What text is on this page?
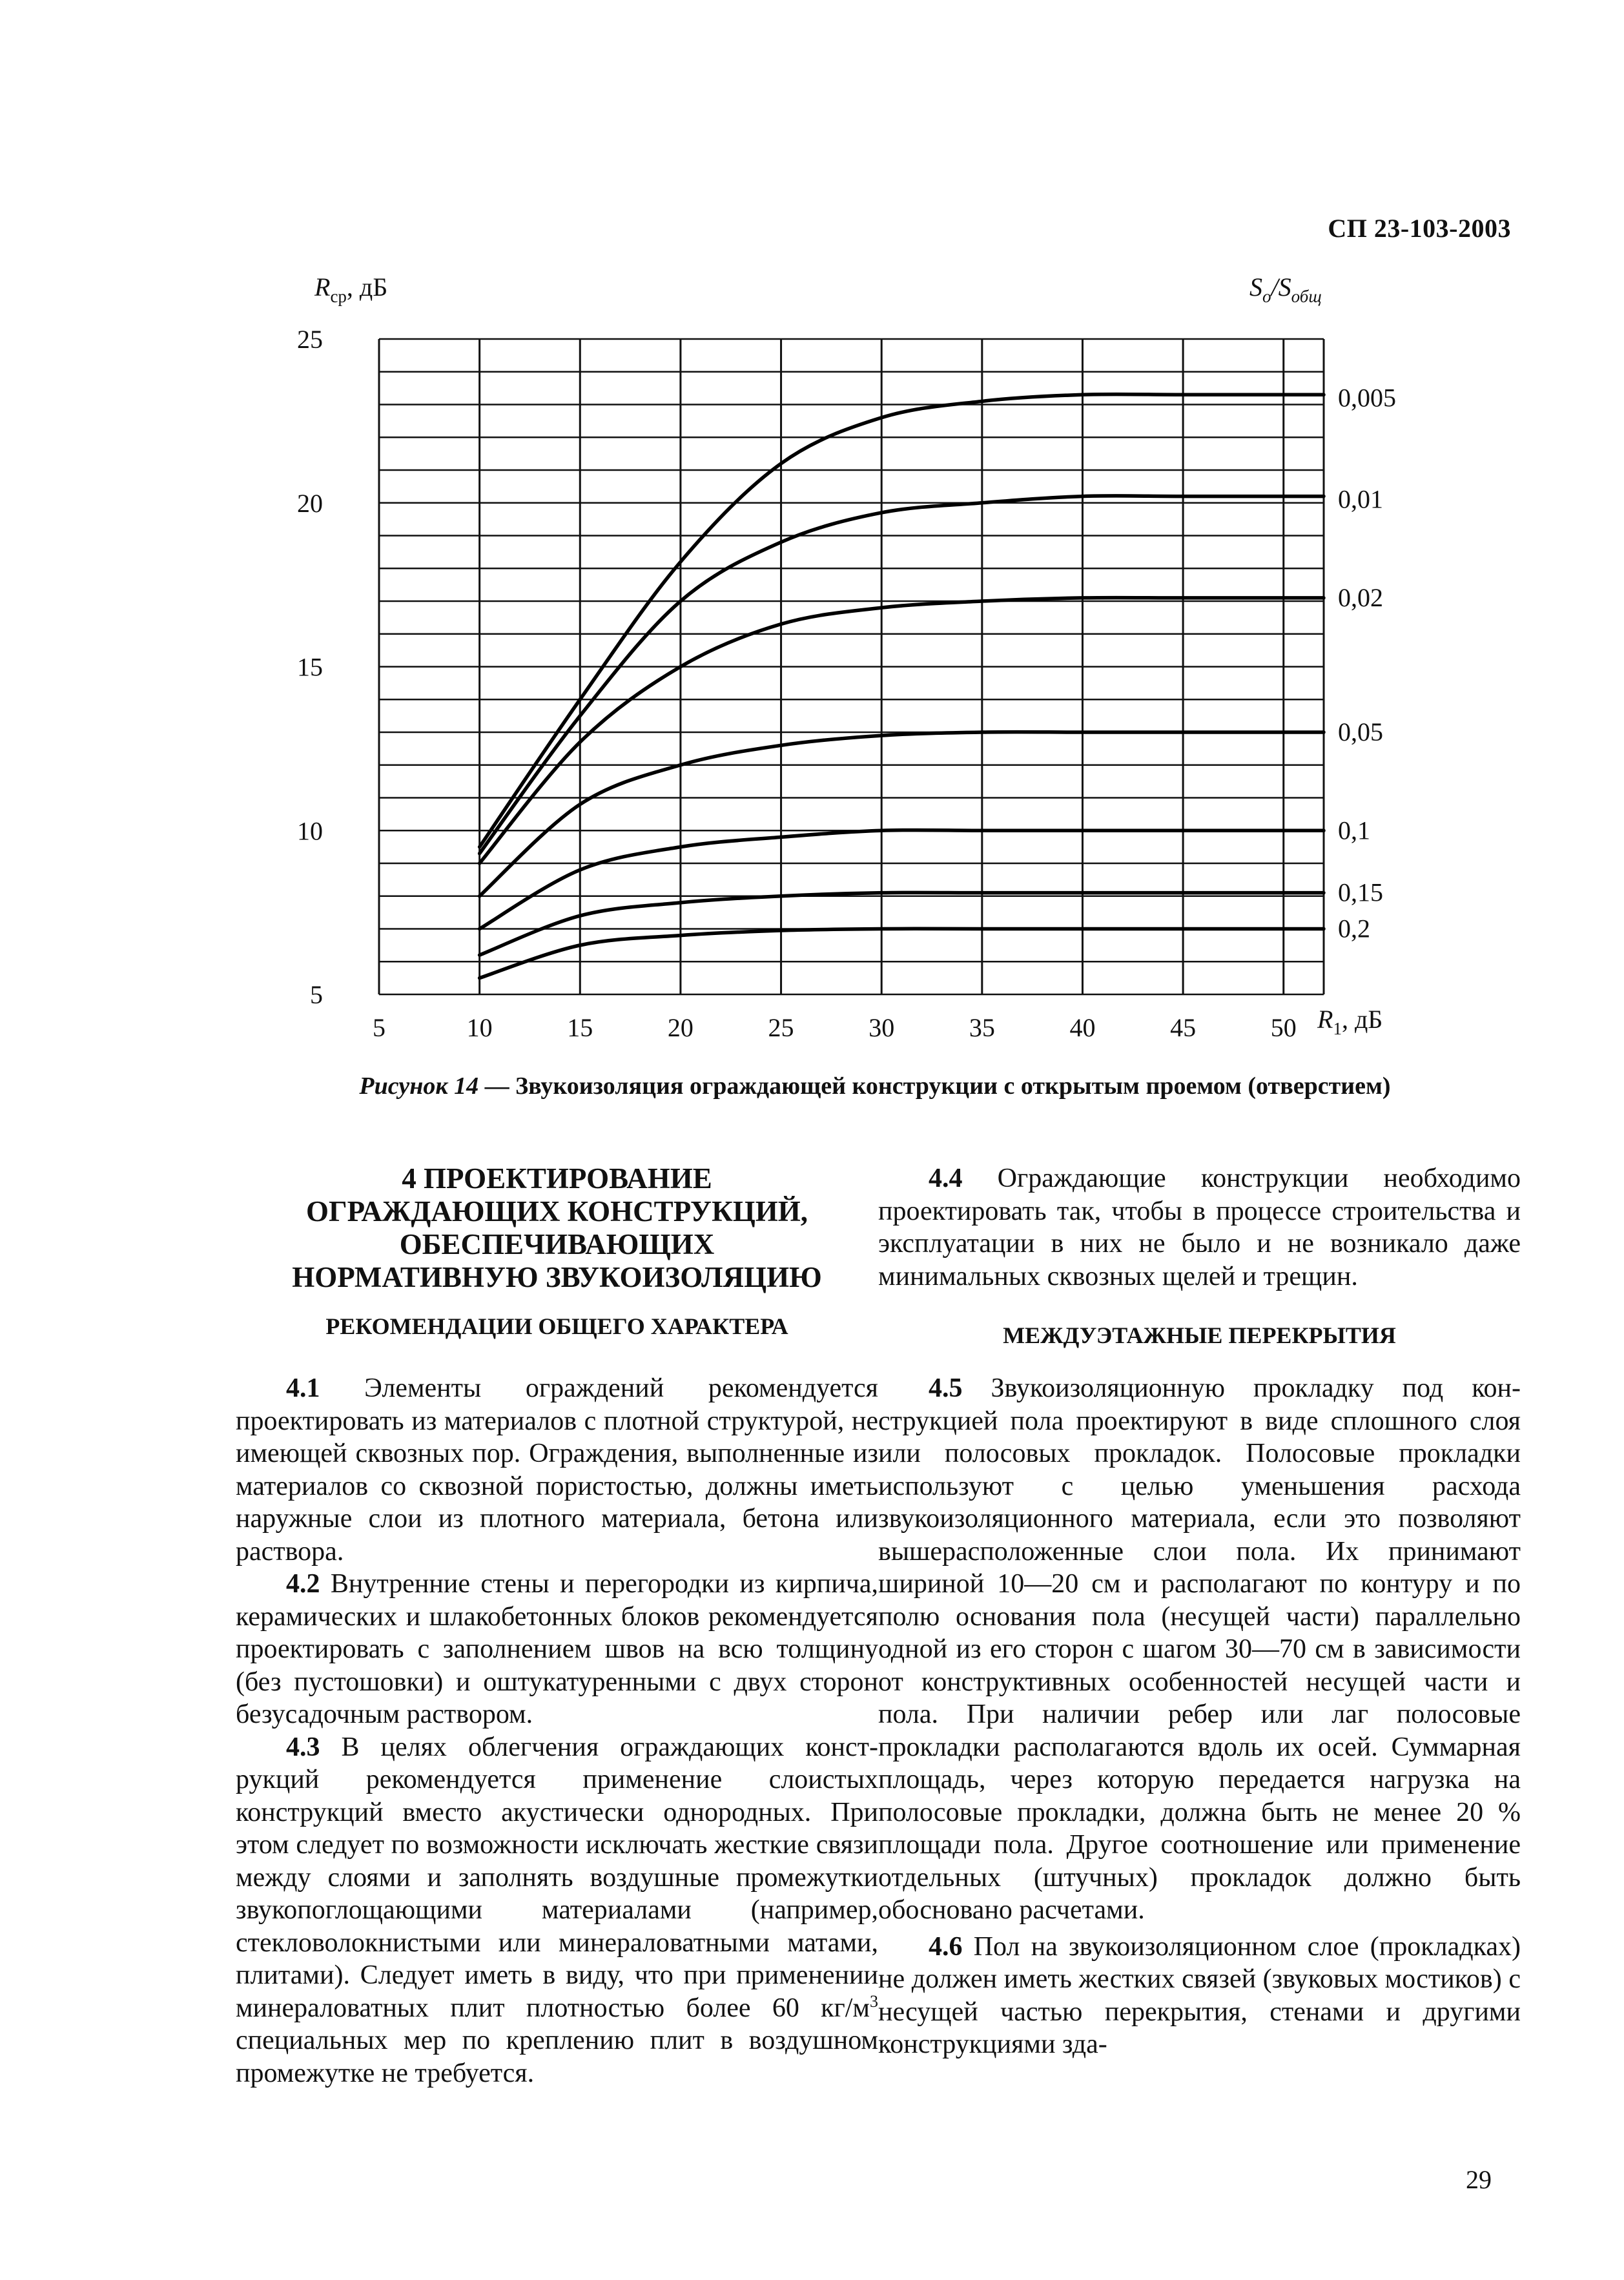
СП 23-103-2003
5	10	15	20	25	30	35	40	45	50
5
10
15
20
25
0,005
0,01
0,02
0,05
0,1
0,15
0,2
$R_{ср}$, дБ	$S_о/S_{общ}$
$R_1$, дБ
Рисунок 14 — Звукоизоляция ограждающей конструкции с открытым проемом (отверстием)
4 ПРОЕКТИРОВАНИЕ
ОГРАЖДАЮЩИХ КОНСТРУКЦИЙ,
ОБЕСПЕЧИВАЮЩИХ
НОРМАТИВНУЮ ЗВУКОИЗОЛЯЦИЮ
РЕКОМЕНДАЦИИ ОБЩЕГО ХАРАКТЕРА

4.1 Элементы ограждений рекомендуется проектировать из материалов с плотной структурой, не имеющей сквозных пор. Ограждения, выполненные из материалов со сквозной пористостью, должны иметь наружные слои из плотного материала, бетона или раствора.

4.2 Внутренние стены и перегородки из кирпича, керамических и шлакобетонных блоков рекомендуется проектировать с заполнением швов на всю толщину (без пустошовки) и оштукатуренными с двух сторон безусадочным раствором.

4.3 В целях облегчения ограждающих конструкций рекомендуется применение слоистых конструкций вместо акустически однородных. При этом следует по возможности исключать жесткие связи между слоями и заполнять воздушные промежутки звукопоглощающими материалами (например, стекловолокнистыми или минераловатными матами, плитами). Следует иметь в виду, что при применении минераловатных плит плотностью более 60 $кг/м^3$ специальных мер по креплению плит в воздушном промежутке не требуется.

4.4 Ограждающие конструкции необходимо проектировать так, чтобы в процессе строительства и эксплуатации в них не было и не возникало даже минимальных сквозных щелей и трещин.

МЕЖДУЭТАЖНЫЕ ПЕРЕКРЫТИЯ

4.5 Звукоизоляционную прокладку под конструкцией пола проектируют в виде сплошного слоя или полосовых прокладок. Полосовые прокладки используют с целью уменьшения расхода звукоизоляционного материала, если это позволяют вышерасположенные слои пола. Их принимают шириной 10—20 см и располагают по контуру и по полю основания пола (несущей части) параллельно одной из его сторон с шагом 30—70 см в зависимости от конструктивных особенностей несущей части и пола. При наличии ребер или лаг полосовые прокладки располагаются вдоль их осей. Суммарная площадь, через которую передается нагрузка на полосовые прокладки, должна быть не менее 20 % площади пола. Другое соотношение или применение отдельных (штучных) прокладок должно быть обосновано расчетами.

4.6 Пол на звукоизоляционном слое (прокладках) не должен иметь жестких связей (звуковых мостиков) с несущей частью перекрытия, стенами и другими конструкциями зда-

29
